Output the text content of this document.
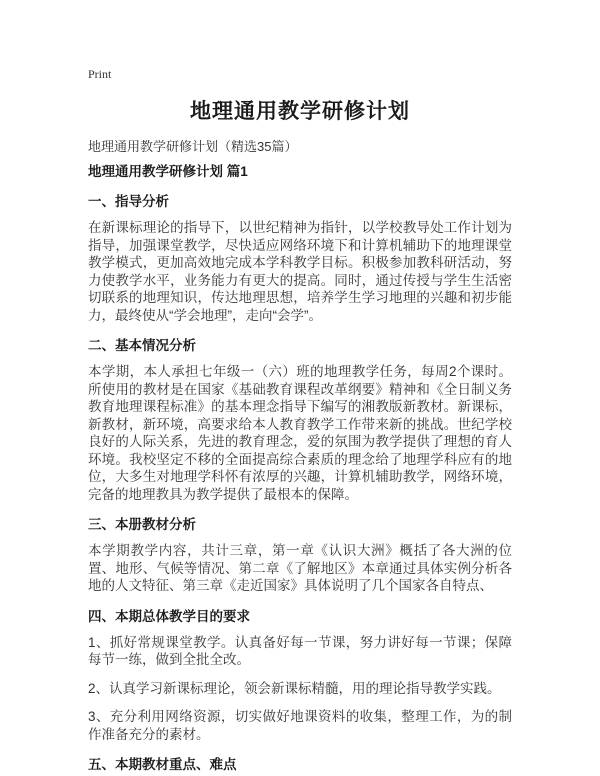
Print
地理通用教学研修计划
地理通用教学研修计划（精选35篇）
地理通用教学研修计划 篇1
一、指导分析

在新课标理论的指导下，以世纪精神为指针，以学校教导处工作计划为指导，加强课堂教学，尽快适应网络环境下和计算机辅助下的地理课堂教学模式，更加高效地完成本学科教学目标。积极参加教科研活动，努力使教学水平，业务能力有更大的提高。同时，通过传授与学生生活密切联系的地理知识，传达地理思想，培养学生学习地理的兴趣和初步能力，最终使从“学会地理”，走向“会学”。

二、基本情况分析

本学期，本人承担七年级一（六）班的地理教学任务，每周2个课时。所使用的教材是在国家《基础教育课程改革纲要》精神和《全日制义务教育地理课程标准》的基本理念指导下编写的湘教版新教材。新课标，新教材，新环境，高要求给本人教育教学工作带来新的挑战。世纪学校良好的人际关系，先进的教育理念，爱的氛围为教学提供了理想的育人环境。我校坚定不移的全面提高综合素质的理念给了地理学科应有的地位，大多生对地理学科怀有浓厚的兴趣，计算机辅助教学，网络环境，完备的地理教具为教学提供了最根本的保障。

三、本册教材分析

本学期教学内容，共计三章，第一章《认识大洲》概括了各大洲的位置、地形、气候等情况、第二章《了解地区》本章通过具体实例分析各地的人文特征、第三章《走近国家》具体说明了几个国家各自特点、

四、本期总体教学目的要求

1、抓好常规课堂教学。认真备好每一节课，努力讲好每一节课；保障每节一练，做到全批全改。

2、认真学习新课标理论，领会新课标精髓，用的理论指导教学实践。

3、充分利用网络资源，切实做好地课资料的收集，整理工作，为的制作准备充分的素材。

五、本期教材重点、难点
